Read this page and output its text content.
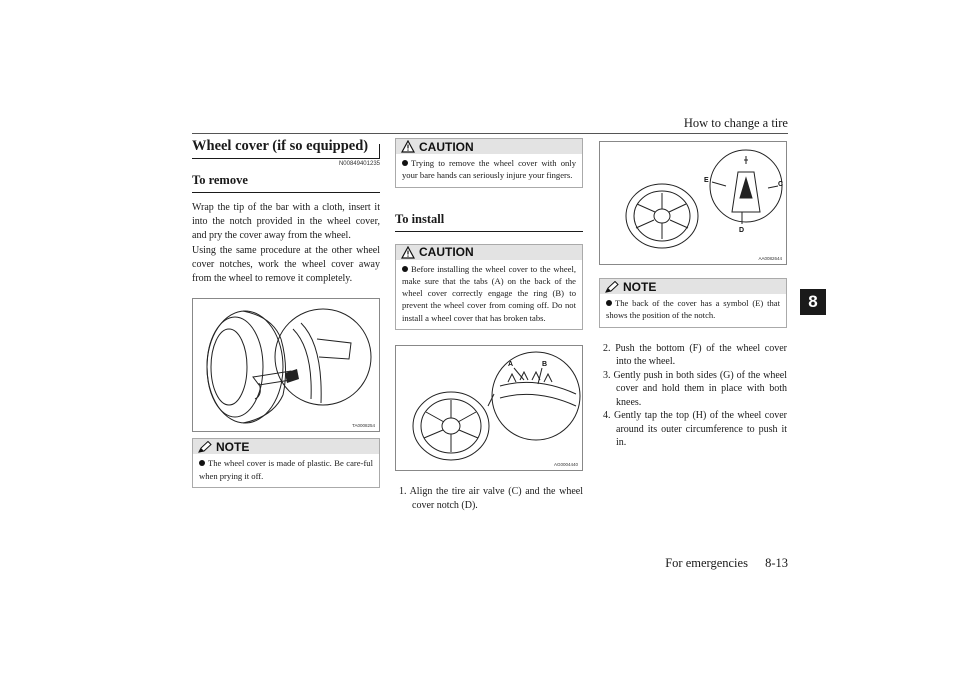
How to change a tire
8
For emergencies 8-13
Wheel cover (if so equipped)
N00849401235
To remove

Wrap the tip of the bar with a cloth, insert it into the notch provided in the wheel cover, and pry the cover away from the wheel.

Using the same procedure at the other wheel cover notches, work the wheel cover away from the wheel to remove it completely.

TA0008254
NOTE
The wheel cover is made of plastic. Be care-ful when prying it off.
CAUTION
Trying to remove the wheel cover with only your bare hands can seriously injure your fingers.
To install
CAUTION
Before installing the wheel cover to the wheel, make sure that the tabs (A) on the back of the wheel cover correctly engage the ring (B) to prevent the wheel cover from coming off. Do not install a wheel cover that has broken tabs.
A	B
AG0004440
1. Align the tire air valve (C) and the wheel cover notch (D).
E
C
D
AA0082644
NOTE
The back of the cover has a symbol (E) that shows the position of the notch.
2. Push the bottom (F) of the wheel cover into the wheel.
3. Gently push in both sides (G) of the wheel cover and hold them in place with both knees.
4. Gently tap the top (H) of the wheel cover around its outer circumference to push it in.
